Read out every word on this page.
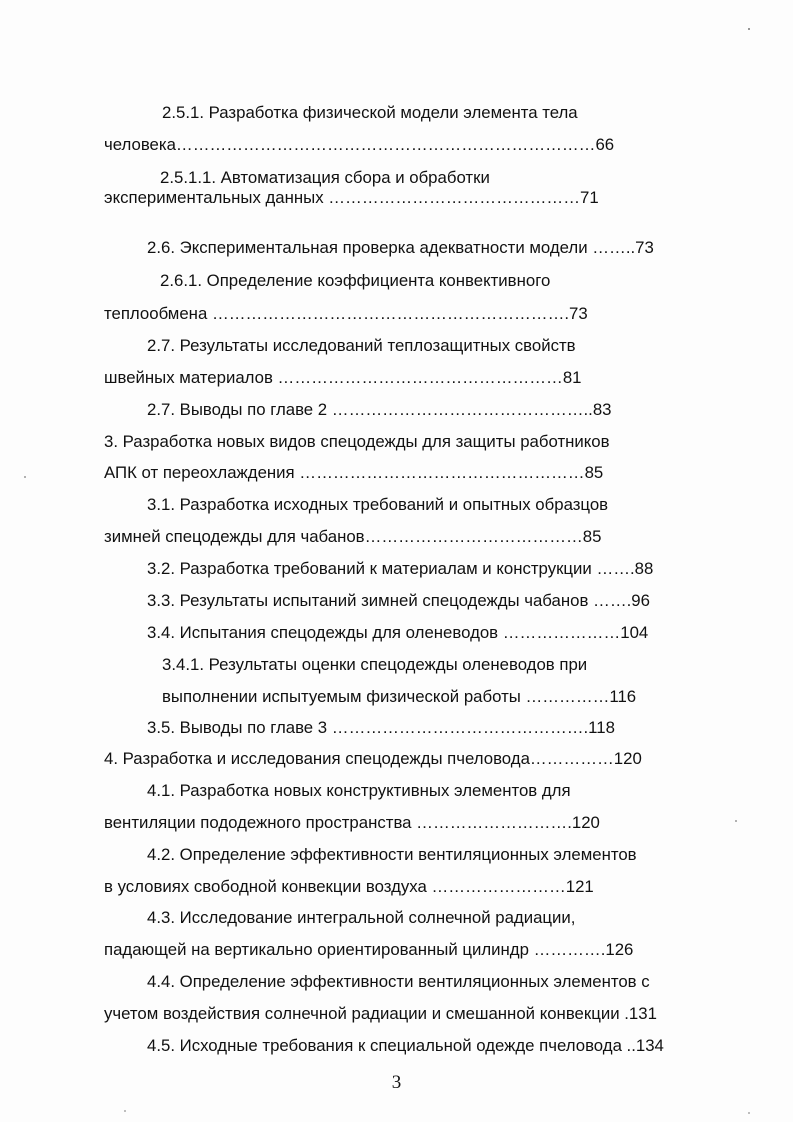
2.5.1. Разработка физической модели элемента тела
человека…………………………………………………………………66
2.5.1.1. Автоматизация сбора и обработки
экспериментальных данных ………………………………………71
2.6. Экспериментальная проверка адекватности модели ……..73
2.6.1. Определение коэффициента конвективного
теплообмена ……………………………………………………….73
2.7. Результаты исследований теплозащитных свойств
швейных материалов ……………………………………………81
2.7. Выводы по главе 2 ………………………………………..83
3. Разработка новых видов спецодежды для защиты работников
АПК от переохлаждения ……………………………………………85
3.1. Разработка исходных требований и опытных образцов
зимней спецодежды для чабанов…………………………………85
3.2. Разработка требований к материалам и конструкции …….88
3.3. Результаты испытаний зимней спецодежды чабанов …….96
3.4. Испытания спецодежды для оленеводов …………………104
3.4.1. Результаты оценки спецодежды оленеводов при
выполнении испытуемым физической работы ……………116
3.5. Выводы по главе 3 ……………………………………….118
4. Разработка и исследования спецодежды пчеловода……………120
4.1. Разработка новых конструктивных элементов для
вентиляции пододежного пространства ……………………….120
4.2. Определение эффективности вентиляционных элементов
в условиях свободной конвекции воздуха ……………………121
4.3. Исследование интегральной солнечной радиации,
падающей на вертикально ориентированный цилиндр ………….126
4.4. Определение эффективности вентиляционных элементов с
учетом воздействия солнечной радиации и смешанной конвекции .131
4.5. Исходные требования к специальной одежде пчеловода ..134
3
